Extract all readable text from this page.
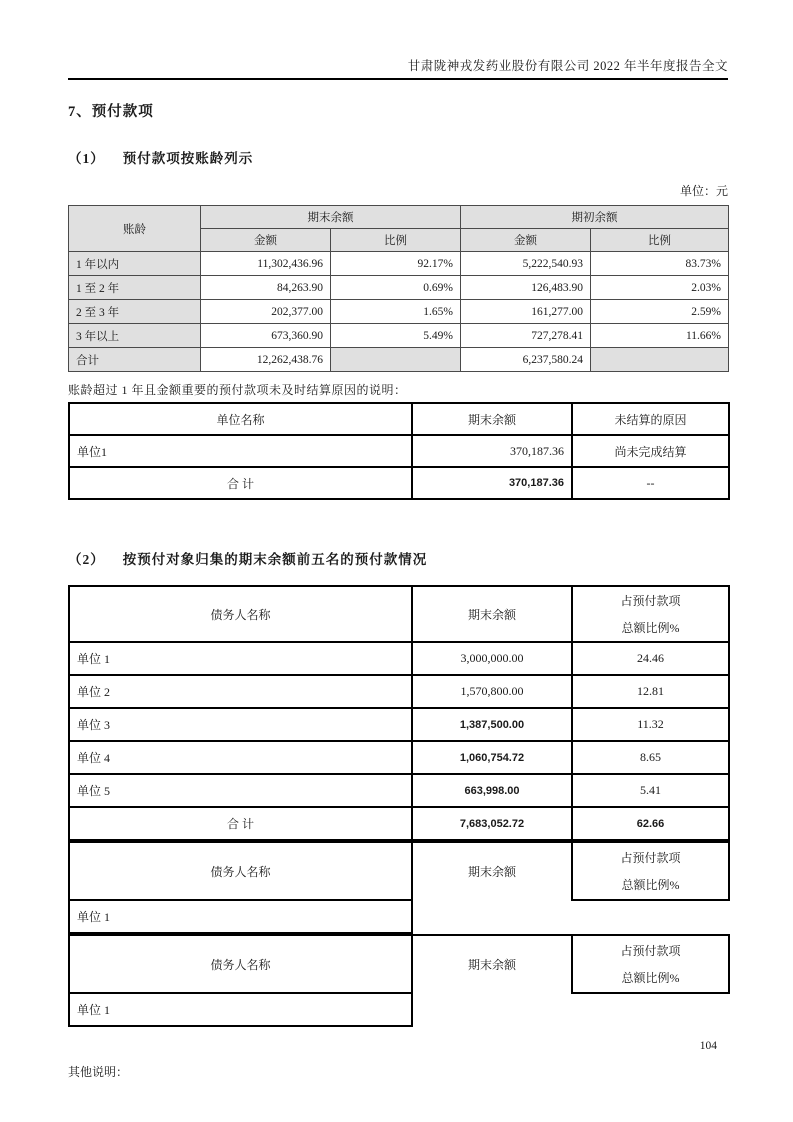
甘肃陇神戎发药业股份有限公司 2022 年半年度报告全文
7、预付款项
（1） 预付款项按账龄列示
单位：元
账龄	期末余额		期初余额	
	金额	比例	金额	比例
1 年以内	11,302,436.96	92.17%	5,222,540.93	83.73%
1 至 2 年	84,263.90	0.69%	126,483.90	2.03%
2 至 3 年	202,377.00	1.65%	161,277.00	2.59%
3 年以上	673,360.90	5.49%	727,278.41	11.66%
合计	12,262,438.76		6,237,580.24	
账龄超过 1 年且金额重要的预付款项未及时结算原因的说明：
单位名称	期末余额	未结算的原因
单位1	370,187.36	尚未完成结算
合 计	370,187.36	--
（2） 按预付对象归集的期末余额前五名的预付款情况
债务人名称	期末余额	占预付款项
总额比例%

单位 1	3,000,000.00	24.46
单位 2	1,570,800.00	12.81
单位 3	1,387,500.00	11.32
单位 4	1,060,754.72	8.65
单位 5	663,998.00	5.41
合 计	7,683,052.72	62.66
债务人名称	期末余额	占预付款项
总额比例%

单位 1		
债务人名称	期末余额	占预付款项
总额比例%

单位 1		
其他说明：
104
